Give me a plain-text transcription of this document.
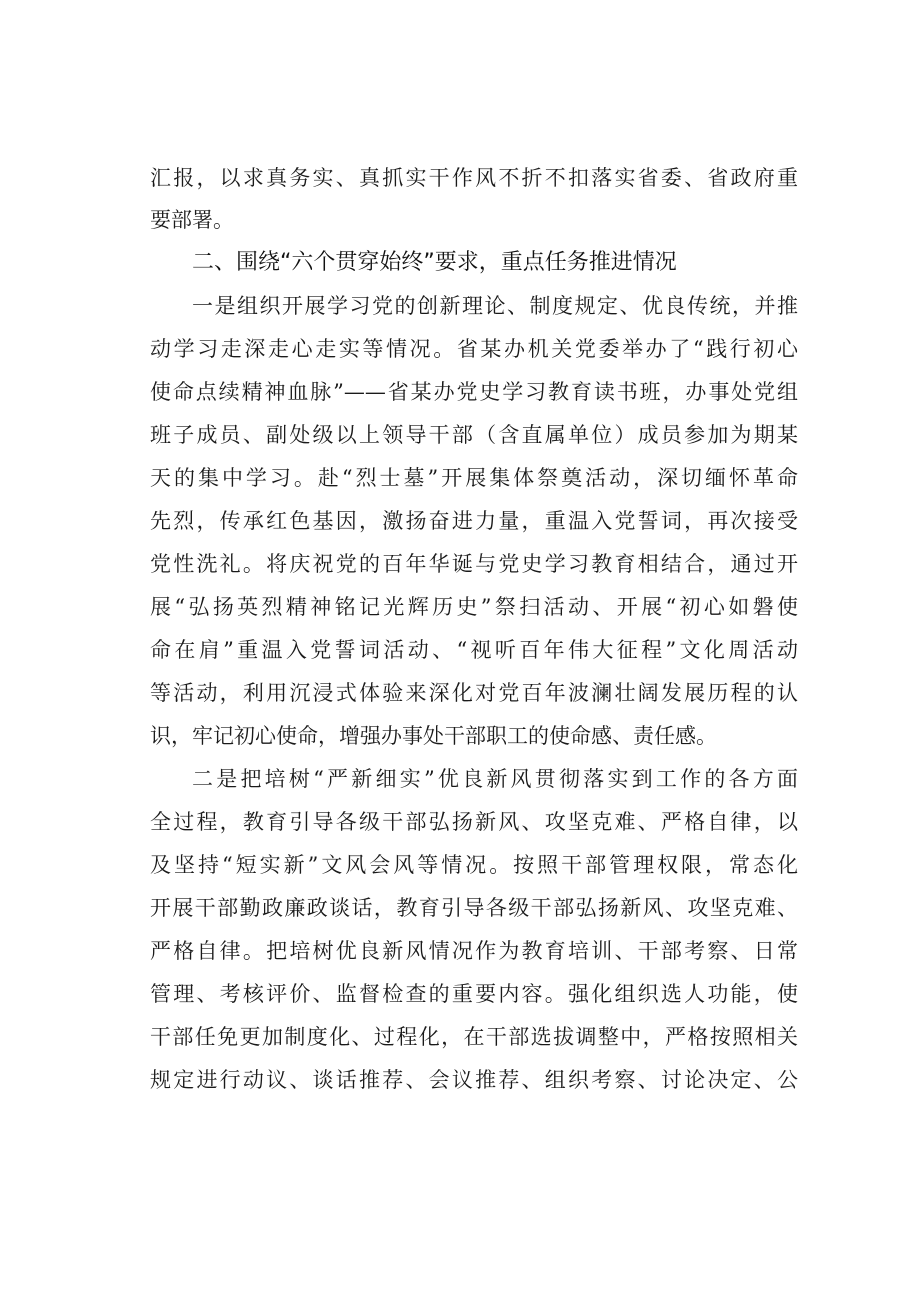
汇报，以求真务实、真抓实干作风不折不扣落实省委、省政府重
要部署。
二、围绕“六个贯穿始终”要求，重点任务推进情况
一是组织开展学习党的创新理论、制度规定、优良传统，并推
动学习走深走心走实等情况。省某办机关党委举办了“践行初心
使命点续精神血脉”——省某办党史学习教育读书班，办事处党组
班子成员、副处级以上领导干部（含直属单位）成员参加为期某
天的集中学习。赴“烈士墓”开展集体祭奠活动，深切缅怀革命
先烈，传承红色基因，激扬奋进力量，重温入党誓词，再次接受
党性洗礼。将庆祝党的百年华诞与党史学习教育相结合，通过开
展“弘扬英烈精神铭记光辉历史”祭扫活动、开展“初心如磐使
命在肩”重温入党誓词活动、“视听百年伟大征程”文化周活动
等活动，利用沉浸式体验来深化对党百年波澜壮阔发展历程的认
识，牢记初心使命，增强办事处干部职工的使命感、责任感。
二是把培树“严新细实”优良新风贯彻落实到工作的各方面
全过程，教育引导各级干部弘扬新风、攻坚克难、严格自律，以
及坚持“短实新”文风会风等情况。按照干部管理权限，常态化
开展干部勤政廉政谈话，教育引导各级干部弘扬新风、攻坚克难、
严格自律。把培树优良新风情况作为教育培训、干部考察、日常
管理、考核评价、监督检查的重要内容。强化组织选人功能，使
干部任免更加制度化、过程化，在干部选拔调整中，严格按照相关
规定进行动议、谈话推荐、会议推荐、组织考察、讨论决定、公
